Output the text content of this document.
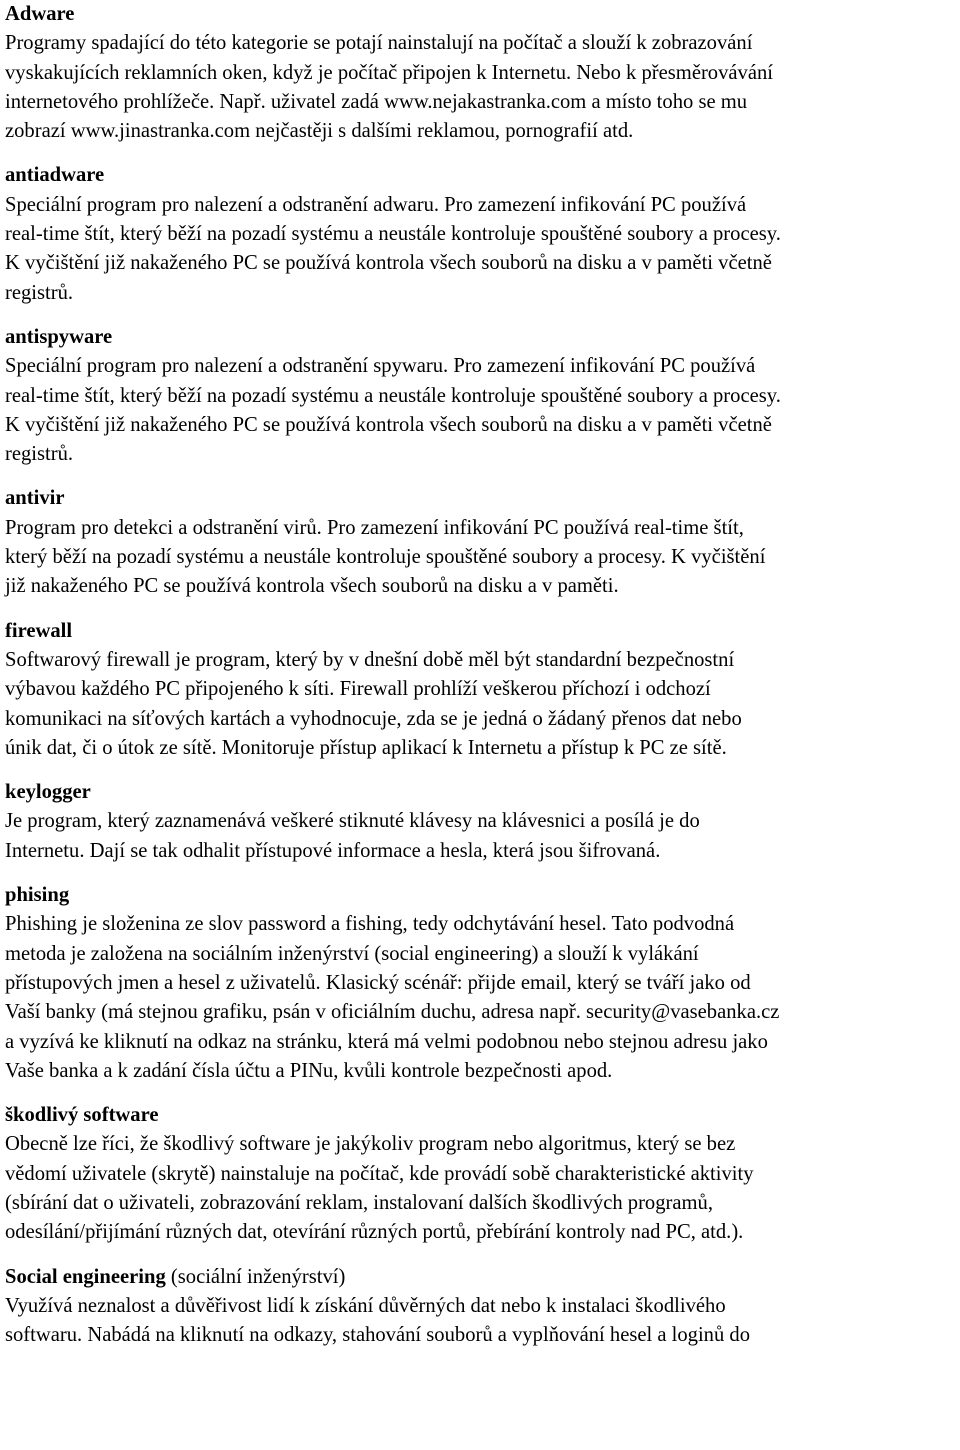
Adware
Programy spadající do této kategorie se potají nainstalují na počítač a slouží k zobrazování
vyskakujících reklamních oken, když je počítač připojen k Internetu. Nebo k přesměrovávání
internetového prohlížeče. Např. uživatel zadá www.nejakastranka.com a místo toho se mu
zobrazí www.jinastranka.com nejčastěji s dalšími reklamou, pornografií atd.
antiadware
Speciální program pro nalezení a odstranění adwaru. Pro zamezení infikování PC používá
real-time štít, který běží na pozadí systému a neustále kontroluje spouštěné soubory a procesy.
K vyčištění již nakaženého PC se používá kontrola všech souborů na disku a v paměti včetně
registrů.
antispyware
Speciální program pro nalezení a odstranění spywaru. Pro zamezení infikování PC používá
real-time štít, který běží na pozadí systému a neustále kontroluje spouštěné soubory a procesy.
K vyčištění již nakaženého PC se používá kontrola všech souborů na disku a v paměti včetně
registrů.
antivir
Program pro detekci a odstranění virů. Pro zamezení infikování PC používá real-time štít,
který běží na pozadí systému a neustále kontroluje spouštěné soubory a procesy. K vyčištění
již nakaženého PC se používá kontrola všech souborů na disku a v paměti.
firewall
Softwarový firewall je program, který by v dnešní době měl být standardní bezpečnostní
výbavou každého PC připojeného k síti. Firewall prohlíží veškerou příchozí i odchozí
komunikaci na síťových kartách a vyhodnocuje, zda se je jedná o žádaný přenos dat nebo
únik dat, či o útok ze sítě. Monitoruje přístup aplikací k Internetu a přístup k PC ze sítě.
keylogger
Je program, který zaznamenává veškeré stiknuté klávesy na klávesnici a posílá je do
Internetu. Dají se tak odhalit přístupové informace a hesla, která jsou šifrovaná.
phising
Phishing je složenina ze slov password a fishing, tedy odchytávání hesel. Tato podvodná
metoda je založena na sociálním inženýrství (social engineering) a slouží k vylákání
přístupových jmen a hesel z uživatelů. Klasický scénář: přijde email, který se tváří jako od
Vaší banky (má stejnou grafiku, psán v oficiálním duchu, adresa např. security@vasebanka.cz
a vyzívá ke kliknutí na odkaz na stránku, která má velmi podobnou nebo stejnou adresu jako
Vaše banka a k zadání čísla účtu a PINu, kvůli kontrole bezpečnosti apod.
škodlivý software
Obecně lze říci, že škodlivý software je jakýkoliv program nebo algoritmus, který se bez
vědomí uživatele (skrytě) nainstaluje na počítač, kde provádí sobě charakteristické aktivity
(sbírání dat o uživateli, zobrazování reklam, instalovaní dalších škodlivých programů,
odesílání/přijímání různých dat, otevírání různých portů, přebírání kontroly nad PC, atd.).
Social engineering (sociální inženýrství)
Využívá neznalost a důvěřivost lidí k získání důvěrných dat nebo k instalaci škodlivého
softwaru. Nabádá na kliknutí na odkazy, stahování souborů a vyplňování hesel a loginů do
